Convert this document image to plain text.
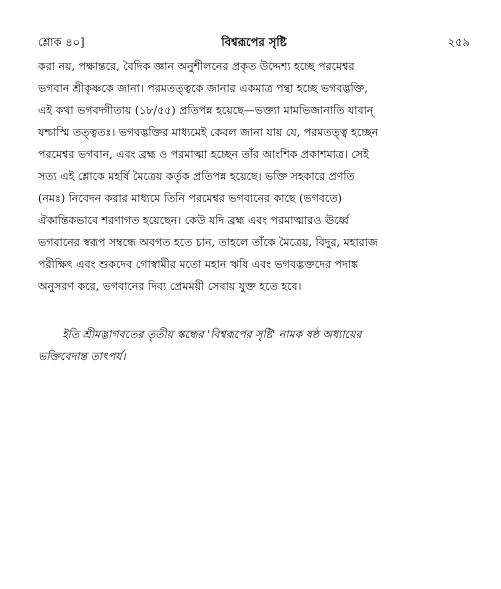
শ্লোক ৪০]	বিশ্বরূপের সৃষ্টি	২৫৯
করা নয়, পক্ষান্তরে, বৈদিক জ্ঞান অনুশীলনের প্রকৃত উদ্দেশ্য হচ্ছে পরমেশ্বর
ভগবান শ্রীকৃষ্ণকে জানা। পরমতত্ত্বকে জানার একমাত্র পন্থা হচ্ছে ভগবদ্ভক্তি,
এই কথা ভগবদ্গীতায় (১৮/৫৫) প্রতিপন্ন হয়েছে—ভক্ত্যা মামভিজানাতি যাবান্
যশ্চাস্মি তত্ত্বতঃ। ভগবদ্ভক্তির মাধ্যমেই কেবল জানা যায় যে, পরমতত্ত্ব হচ্ছেন
পরমেশ্বর ভগবান, এবং ব্রহ্ম ও পরমাত্মা হচ্ছেন তাঁর আংশিক প্রকাশমাত্র। সেই
সত্য এই শ্লোকে মহর্ষি মৈত্রেয় কর্তৃক প্রতিপন্ন হয়েছে। ভক্তি সহকারে প্রণতি
(নমঃ) নিবেদন করার মাধ্যমে তিনি পরমেশ্বর ভগবানের কাছে (ভগবতে)
ঐকান্তিকভাবে শরণাগত হয়েছেন। কেউ যদি ব্রহ্ম এবং পরমাত্মারও ঊর্ধ্বে
ভগবানের স্বরূপ সম্বন্ধে অবগত হতে চান, তাহলে তাঁকে মৈত্রেয়, বিদুর, মহারাজ
পরীক্ষিৎ এবং শুকদেব গোস্বামীর মতো মহান ঋষি এবং ভগবদ্ভক্তদের পদাঙ্ক
অনুসরণ করে, ভগবানের দিব্য প্রেমময়ী সেবায় যুক্ত হতে হবে।
ইতি শ্রীমদ্ভাগবতের তৃতীয় স্কন্ধের 'বিশ্বরূপের সৃষ্টি' নামক ষষ্ঠ অধ্যায়ের
ভক্তিবেদান্ত তাৎপর্য।
